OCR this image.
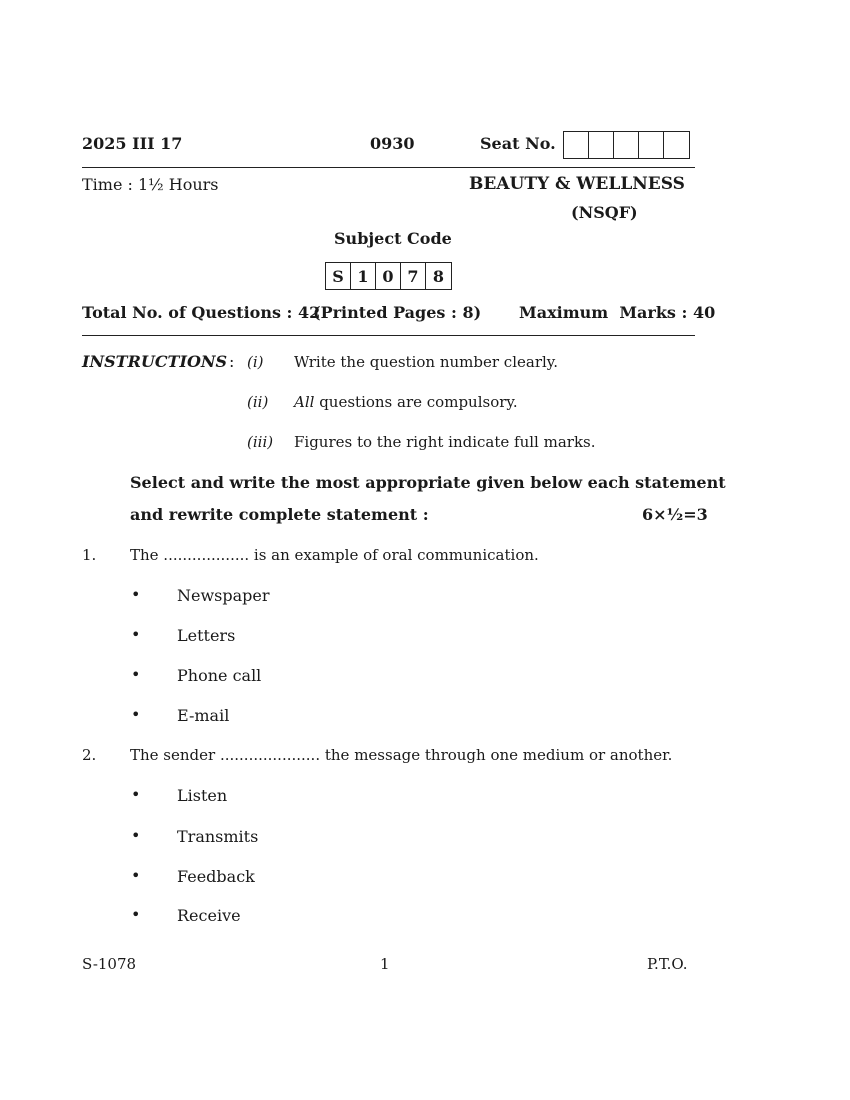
2025 III 17	0930	Seat No.
Time : 1½ Hours	BEAUTY & WELLNESS
(NSQF)
Subject Code
S 1 0 7 8
Total No. of Questions : 42
(Printed Pages : 8) Maximum  Marks : 40
INSTRUCTIONS : (i) Write the question number clearly.
(ii) All questions are compulsory.
(iii) Figures to the right indicate full marks.
Select and write the most appropriate given below each statement
and rewrite complete statement :	6×½=3
1. The .................. is an example of oral communication.
• Newspaper
• Letters
• Phone call
• E-mail
2. The sender ..................... the message through one medium or another.
• Listen
• Transmits
• Feedback
• Receive
S-1078	1	P.T.O.
